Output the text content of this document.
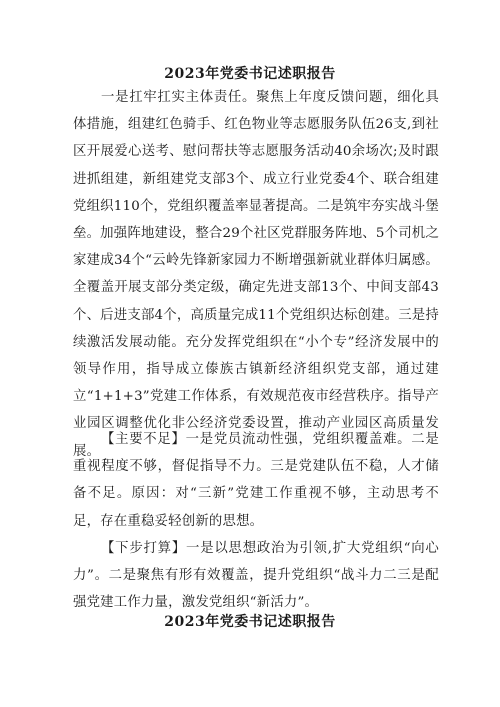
2023年党委书记述职报告

一是扛牢扛实主体责任。聚焦上年度反馈问题，细化具体措施，组建红色骑手、红色物业等志愿服务队伍26支,到社区开展爱心送考、慰问帮扶等志愿服务活动40余场次;及时跟进抓组建，新组建党支部3个、成立行业党委4个、联合组建党组织110个，党组织覆盖率显著提高。二是筑牢夯实战斗堡垒。加强阵地建设，整合29个社区党群服务阵地、5个司机之家建成34个“云岭先锋新家园力不断增强新就业群体归属感。全覆盖开展支部分类定级，确定先进支部13个、中间支部43个、后进支部4个，高质量完成11个党组织达标创建。三是持续激活发展动能。充分发挥党组织在“小个专”经济发展中的领导作用，指导成立傣族古镇新经济组织党支部，通过建立“1+1+3”党建工作体系，有效规范夜市经营秩序。指导产业园区调整优化非公经济党委设置，推动产业园区高质量发展。

【主要不足】一是党员流动性强，党组织覆盖难。二是重视程度不够，督促指导不力。三是党建队伍不稳，人才储备不足。原因：对“三新”党建工作重视不够，主动思考不足，存在重稳妥轻创新的思想。

【下步打算】一是以思想政治为引领,扩大党组织“向心力”。二是聚焦有形有效覆盖，提升党组织“战斗力二三是配强党建工作力量，激发党组织“新活力”。

2023年党委书记述职报告
